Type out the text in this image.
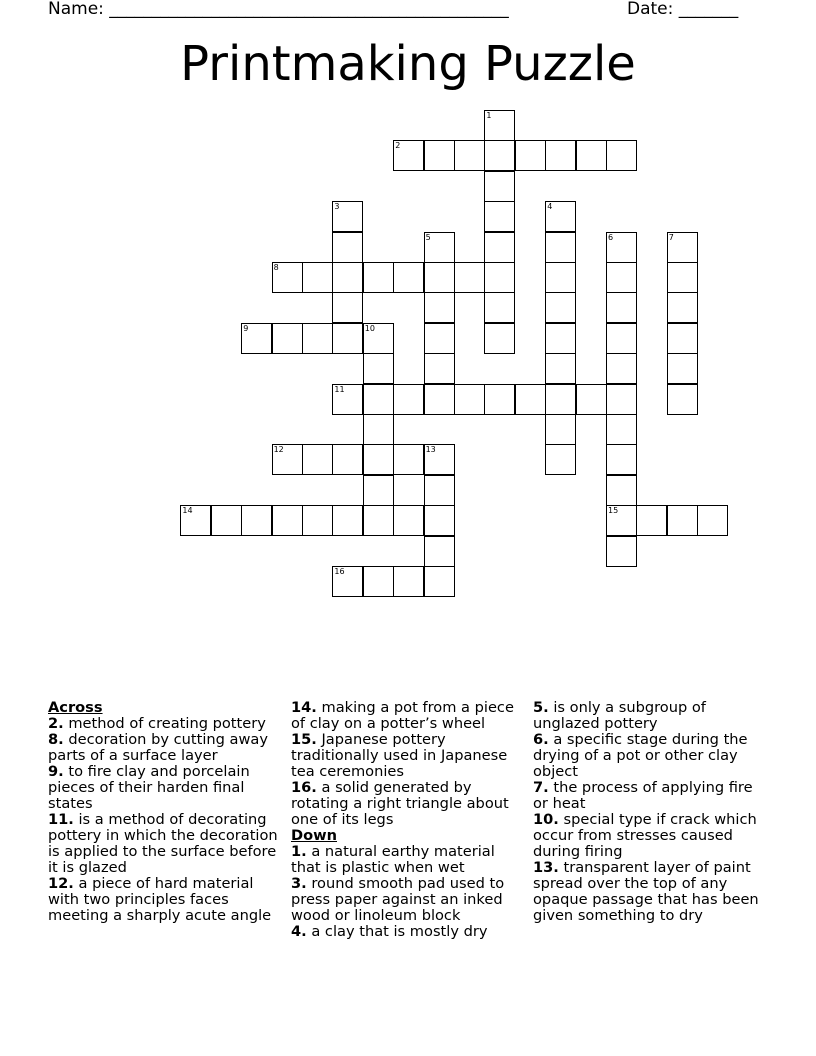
Name: _______________________________________________	Date: _______
Printmaking Puzzle
1
2
3	4
5	6	7
8
9	10
11
12	13
14	15
16
Across
2. method of creating pottery
8. decoration by cutting away parts of a surface layer
9. to fire clay and porcelain pieces of their harden final states
11. is a method of decorating pottery in which the decoration is applied to the surface before it is glazed
12. a piece of hard material with two principles faces meeting a sharply acute angle
14. making a pot from a piece of clay on a potter’s wheel
15. Japanese pottery traditionally used in Japanese tea ceremonies
16. a solid generated by rotating a right triangle about one of its legs
Down
1. a natural earthy material that is plastic when wet
3. round smooth pad used to press paper against an inked wood or linoleum block
4. a clay that is mostly dry
5. is only a subgroup of unglazed pottery
6. a specific stage during the drying of a pot or other clay object
7. the process of applying fire or heat
10. special type if crack which occur from stresses caused during firing
13. transparent layer of paint spread over the top of any opaque passage that has been given something to dry
